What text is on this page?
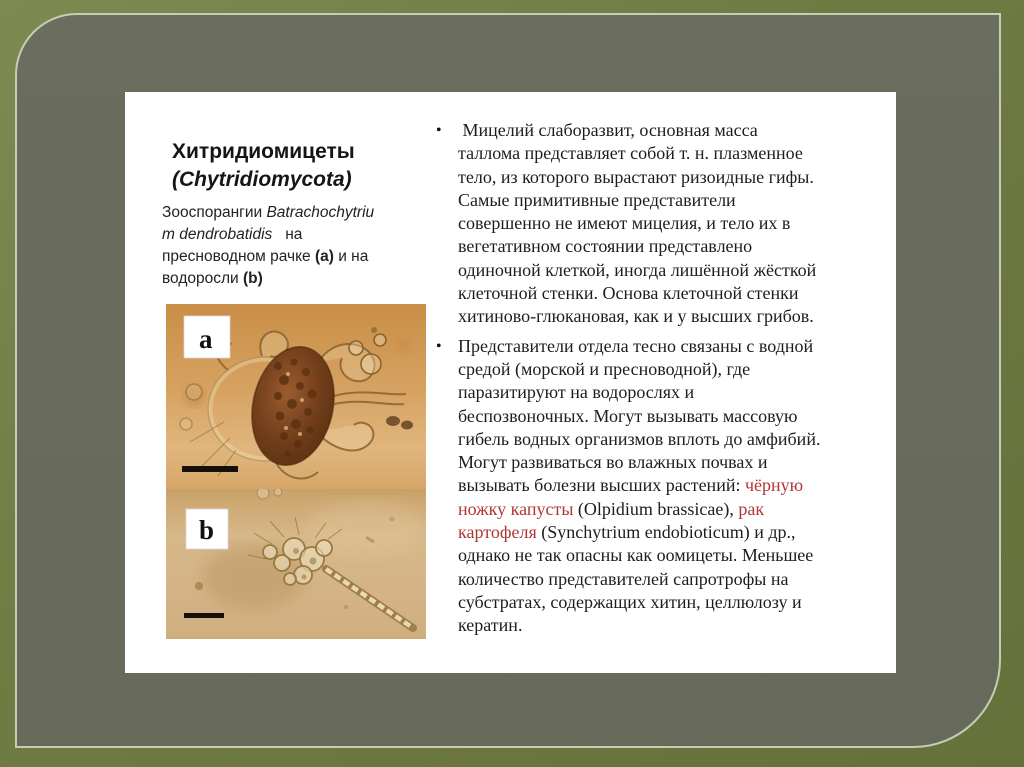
Хитридиомицеты
(Chytridiomycota)
Зооспорангии Batrachochytriu
m dendrobatidis   на
пресноводном рачке (a) и на
водоросли (b)
a
b
• Мицелий слаборазвит, основная масса
таллома представляет собой т. н. плазменное
тело, из которого вырастают ризоидные гифы.
Самые примитивные представители
совершенно не имеют мицелия, и тело их в
вегетативном состоянии представлено
одиночной клеткой, иногда лишённой жёсткой
клеточной стенки. Основа клеточной стенки
хитиново-глюкановая, как и у высших грибов.
• Представители отдела тесно связаны с водной
средой (морской и пресноводной), где
паразитируют на водорослях и
беспозвоночных. Могут вызывать массовую
гибель водных организмов вплоть до амфибий.
Могут развиваться во влажных почвах и
вызывать болезни высших растений: чёрную
ножку капусты (Olpidium brassicae), рак
картофеля (Synchytrium endobioticum) и др.,
однако не так опасны как оомицеты. Меньшее
количество представителей сапротрофы на
субстратах, содержащих хитин, целлюлозу и
кератин.
